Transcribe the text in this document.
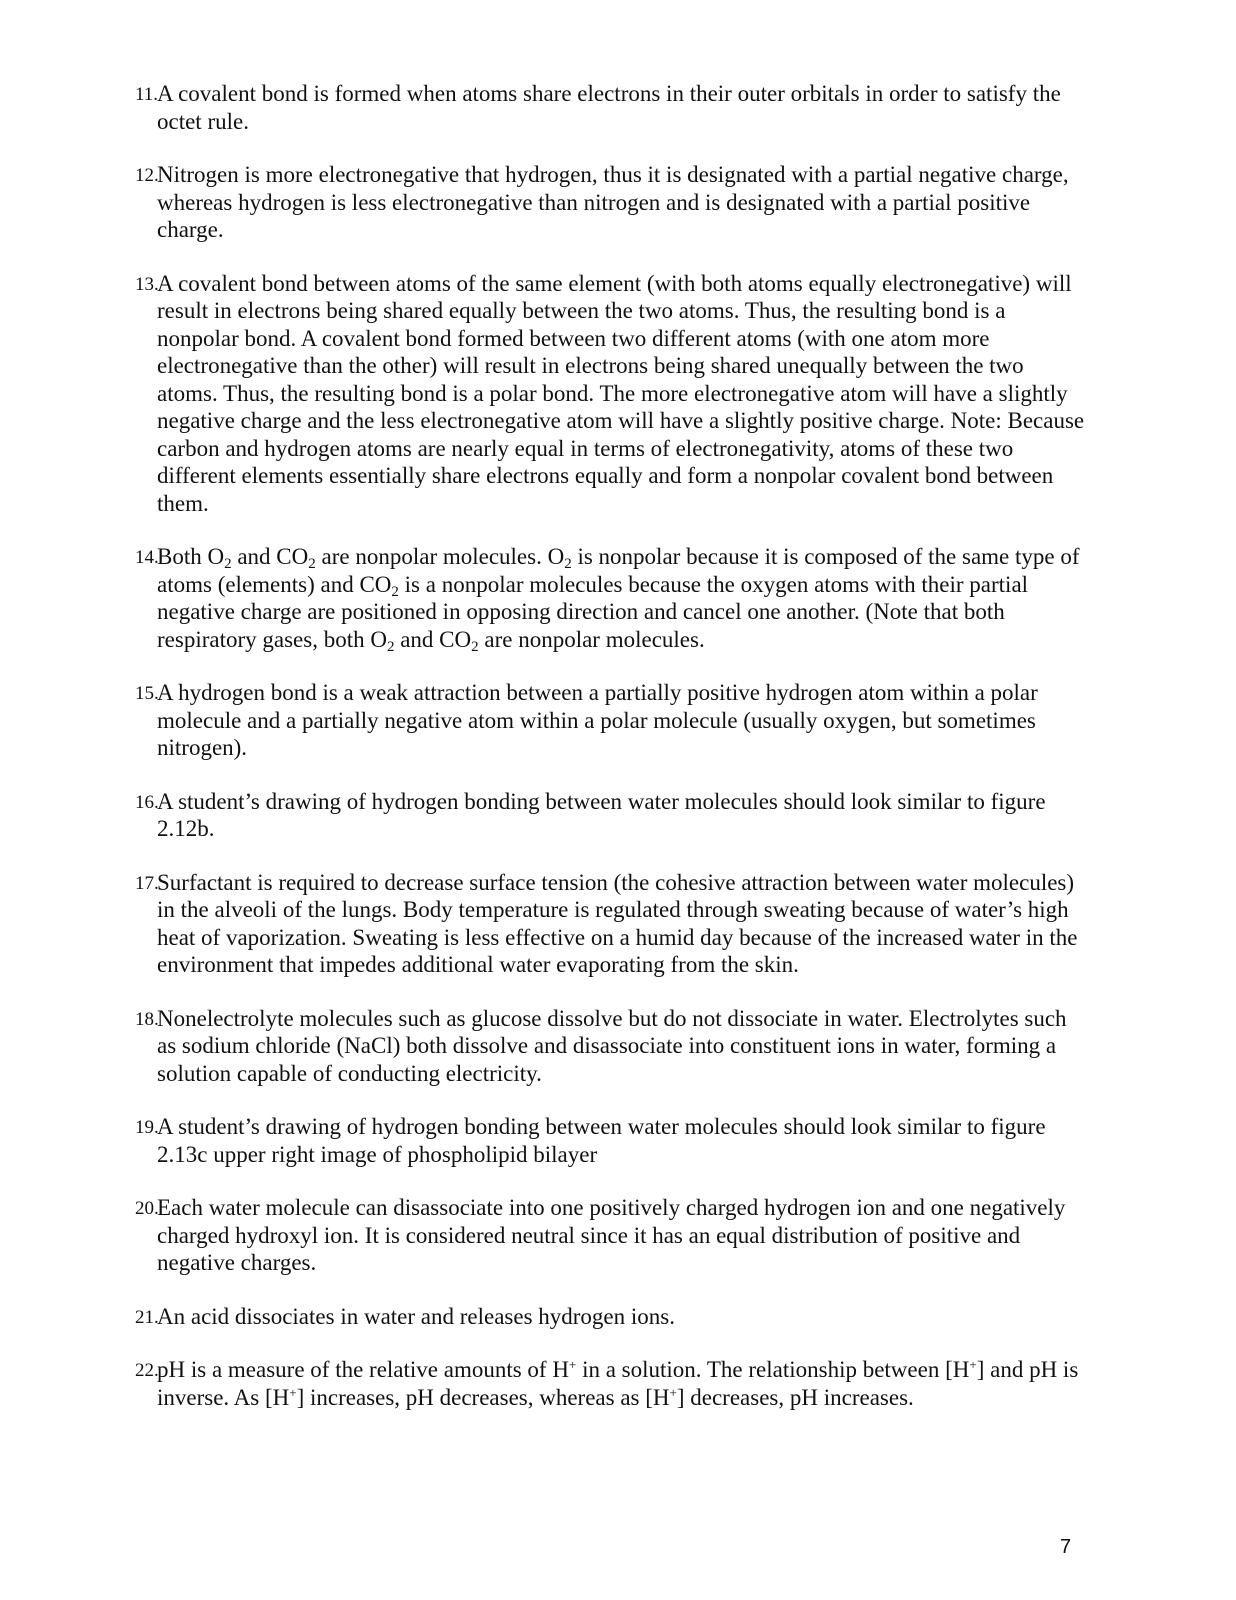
11.
A covalent bond is formed when atoms share electrons in their outer orbitals in order to satisfy the octet rule.
12.
Nitrogen is more electronegative that hydrogen, thus it is designated with a partial negative charge, whereas hydrogen is less electronegative than nitrogen and is designated with a partial positive charge.
13.
A covalent bond between atoms of the same element (with both atoms equally electronegative) will result in electrons being shared equally between the two atoms. Thus, the resulting bond is a nonpolar bond. A covalent bond formed between two different atoms (with one atom more electronegative than the other) will result in electrons being shared unequally between the two atoms. Thus, the resulting bond is a polar bond. The more electronegative atom will have a slightly negative charge and the less electronegative atom will have a slightly positive charge. Note: Because carbon and hydrogen atoms are nearly equal in terms of electronegativity, atoms of these two different elements essentially share electrons equally and form a nonpolar covalent bond between them.
14.
Both $O_2$ and $CO_2$ are nonpolar molecules. $O_2$ is nonpolar because it is composed of the same type of atoms (elements) and $CO_2$ is a nonpolar molecules because the oxygen atoms with their partial negative charge are positioned in opposing direction and cancel one another. (Note that both respiratory gases, both $O_2$ and $CO_2$ are nonpolar molecules.
15.
A hydrogen bond is a weak attraction between a partially positive hydrogen atom within a polar molecule and a partially negative atom within a polar molecule (usually oxygen, but sometimes nitrogen).
16.
A student’s drawing of hydrogen bonding between water molecules should look similar to figure 2.12b.
17.
Surfactant is required to decrease surface tension (the cohesive attraction between water molecules) in the alveoli of the lungs. Body temperature is regulated through sweating because of water’s high heat of vaporization. Sweating is less effective on a humid day because of the increased water in the environment that impedes additional water evaporating from the skin.
18.
Nonelectrolyte molecules such as glucose dissolve but do not dissociate in water. Electrolytes such as sodium chloride (NaCl) both dissolve and disassociate into constituent ions in water, forming a solution capable of conducting electricity.
19.
A student’s drawing of hydrogen bonding between water molecules should look similar to figure 2.13c upper right image of phospholipid bilayer
20.
Each water molecule can disassociate into one positively charged hydrogen ion and one negatively charged hydroxyl ion. It is considered neutral since it has an equal distribution of positive and negative charges.
21.
An acid dissociates in water and releases hydrogen ions.
22.
pH is a measure of the relative amounts of H+ in a solution. The relationship between [H+] and pH is inverse. As [H+] increases, pH decreases, whereas as [H+] decreases, pH increases.
7
